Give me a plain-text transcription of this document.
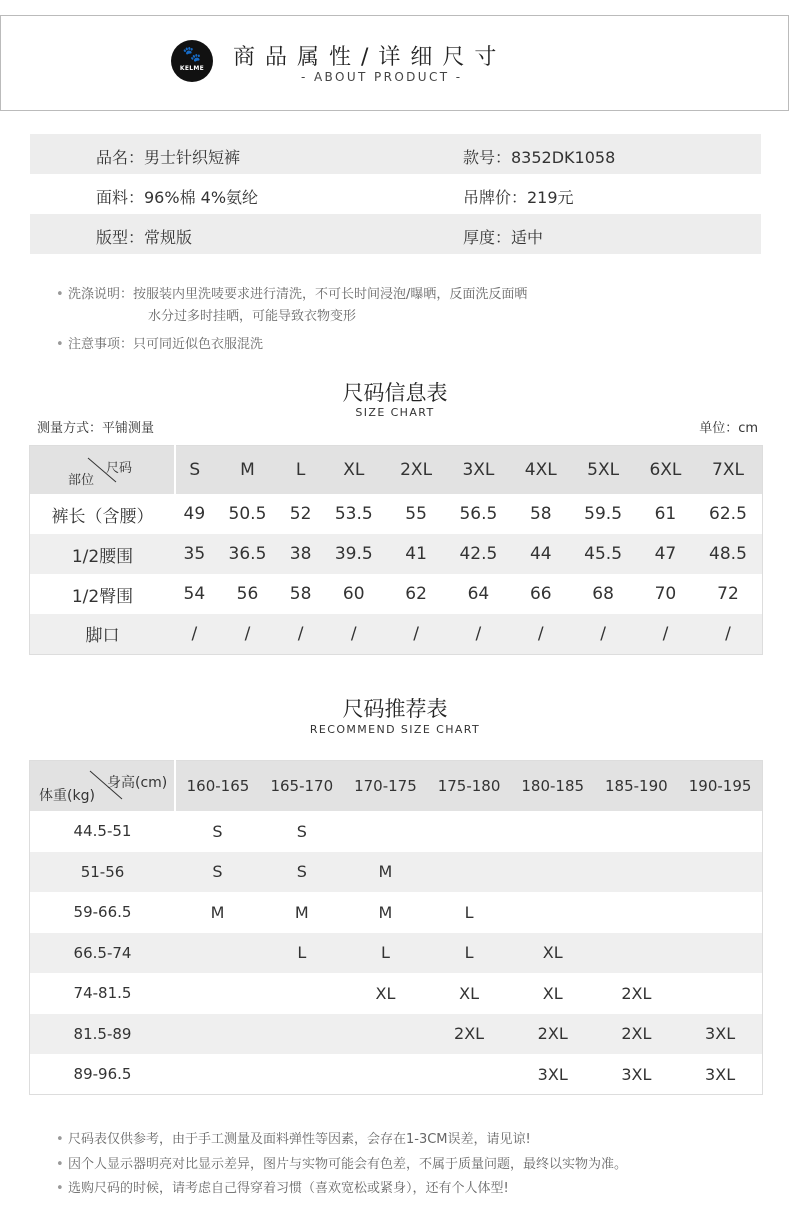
🐾
KELME	商品属性/详细尺寸
- ABOUT PRODUCT -
品名：男士针织短裤	款号：8352DK1058
面料：96%棉 4%氨纶	吊牌价：219元
版型：常规版	厚度：适中
• 洗涤说明：按服装内里洗唛要求进行清洗，不可长时间浸泡/曝晒，反面洗反面晒
水分过多时挂晒，可能导致衣物变形
• 注意事项：只可同近似色衣服混洗
尺码信息表
SIZE CHART
测量方式：平铺测量	单位：cm
尺码
部位	S	M	L	XL	2XL	3XL	4XL	5XL	6XL	7XL
裤长（含腰）	49	50.5	52	53.5	55	56.5	58	59.5	61	62.5
1/2腰围	35	36.5	38	39.5	41	42.5	44	45.5	47	48.5
1/2臀围	54	56	58	60	62	64	66	68	70	72
脚口	/	/	/	/	/	/	/	/	/	/
尺码推荐表
RECOMMEND SIZE CHART
身高(cm)
体重(kg)	160-165	165-170	170-175	175-180	180-185	185-190	190-195
44.5-51	S	S					
51-56	S	S	M				
59-66.5	M	M	M	L			
66.5-74		L	L	L	XL		
74-81.5			XL	XL	XL	2XL	
81.5-89				2XL	2XL	2XL	3XL
89-96.5					3XL	3XL	3XL
• 尺码表仅供参考，由于手工测量及面料弹性等因素，会存在1-3CM误差，请见谅!
• 因个人显示器明亮对比显示差异，图片与实物可能会有色差，不属于质量问题，最终以实物为准。
• 选购尺码的时候，请考虑自己得穿着习惯（喜欢宽松或紧身），还有个人体型!
